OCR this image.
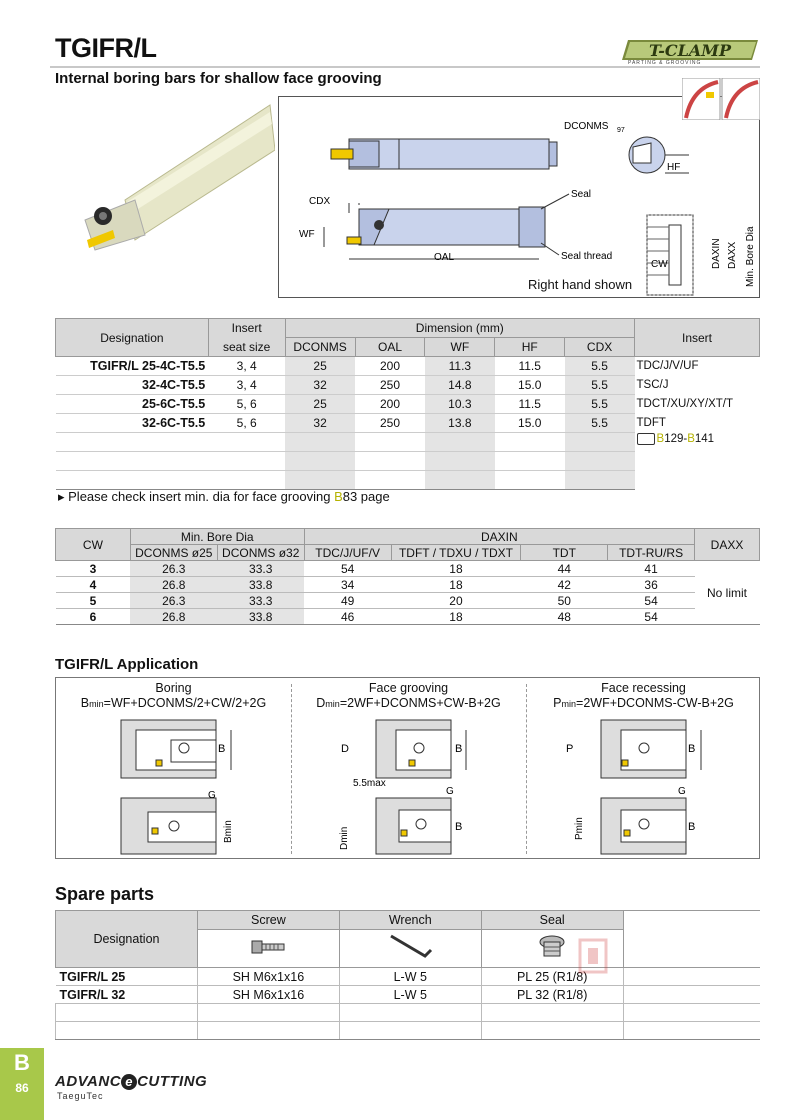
TGIFR/L
Internal boring bars for shallow face grooving
T-CLAMP
PARTING & GROOVING
HF
DCONMS 97
CDX
WF
OAL
Seal
Seal thread
CW	DAXIN DAXX Min. Bore Dia
Right hand shown
Designation	Insert	Dimension (mm)					Insert
	seat size	DCONMS	OAL	WF	HF	CDX	
TGIFR/L 25-4C-T5.5	3, 4	25	200	11.3	11.5	5.5	TDC/J/V/UF
32-4C-T5.5	3, 4	32	250	14.8	15.0	5.5	TSC/J
25-6C-T5.5	5, 6	25	200	10.3	11.5	5.5	TDCT/XU/XY/XT/T
32-6C-T5.5	5, 6	32	250	13.8	15.0	5.5	TDFT
							B129-B141

▸ Please check insert min. dia for face grooving B83 page
CW	Min. Bore Dia		DAXIN				DAXX
	DCONMS ø25	DCONMS ø32	TDC/J/UF/V	TDFT / TDXU / TDXT	TDT	TDT-RU/RS	
3	26.3	33.3	54	18	44	41	No limit
4	26.8	33.8	34	18	42	36	
5	26.3	33.3	49	20	50	54	
6	26.8	33.8	46	18	48	54	
TGIFR/L Application
Boring
Bmin=WF+DCONMS/2+CW/2+2G
B
G
Bmin
Face grooving
Dmin=2WF+DCONMS+CW-B+2G
B
D
5.5max
G
B
Dmin
Face recessing
Pmin=2WF+DCONMS-CW-B+2G
B
P
G
B
Pmin
Spare parts
Designation	Screw	Wrench	Seal	

TGIFR/L 25	SH M6x1x16	L-W 5	PL 25 (R1/8)	
TGIFR/L 32	SH M6x1x16	L-W 5	PL 32 (R1/8)	

B
86	ADVANC e CUTTING
TaeguTec
